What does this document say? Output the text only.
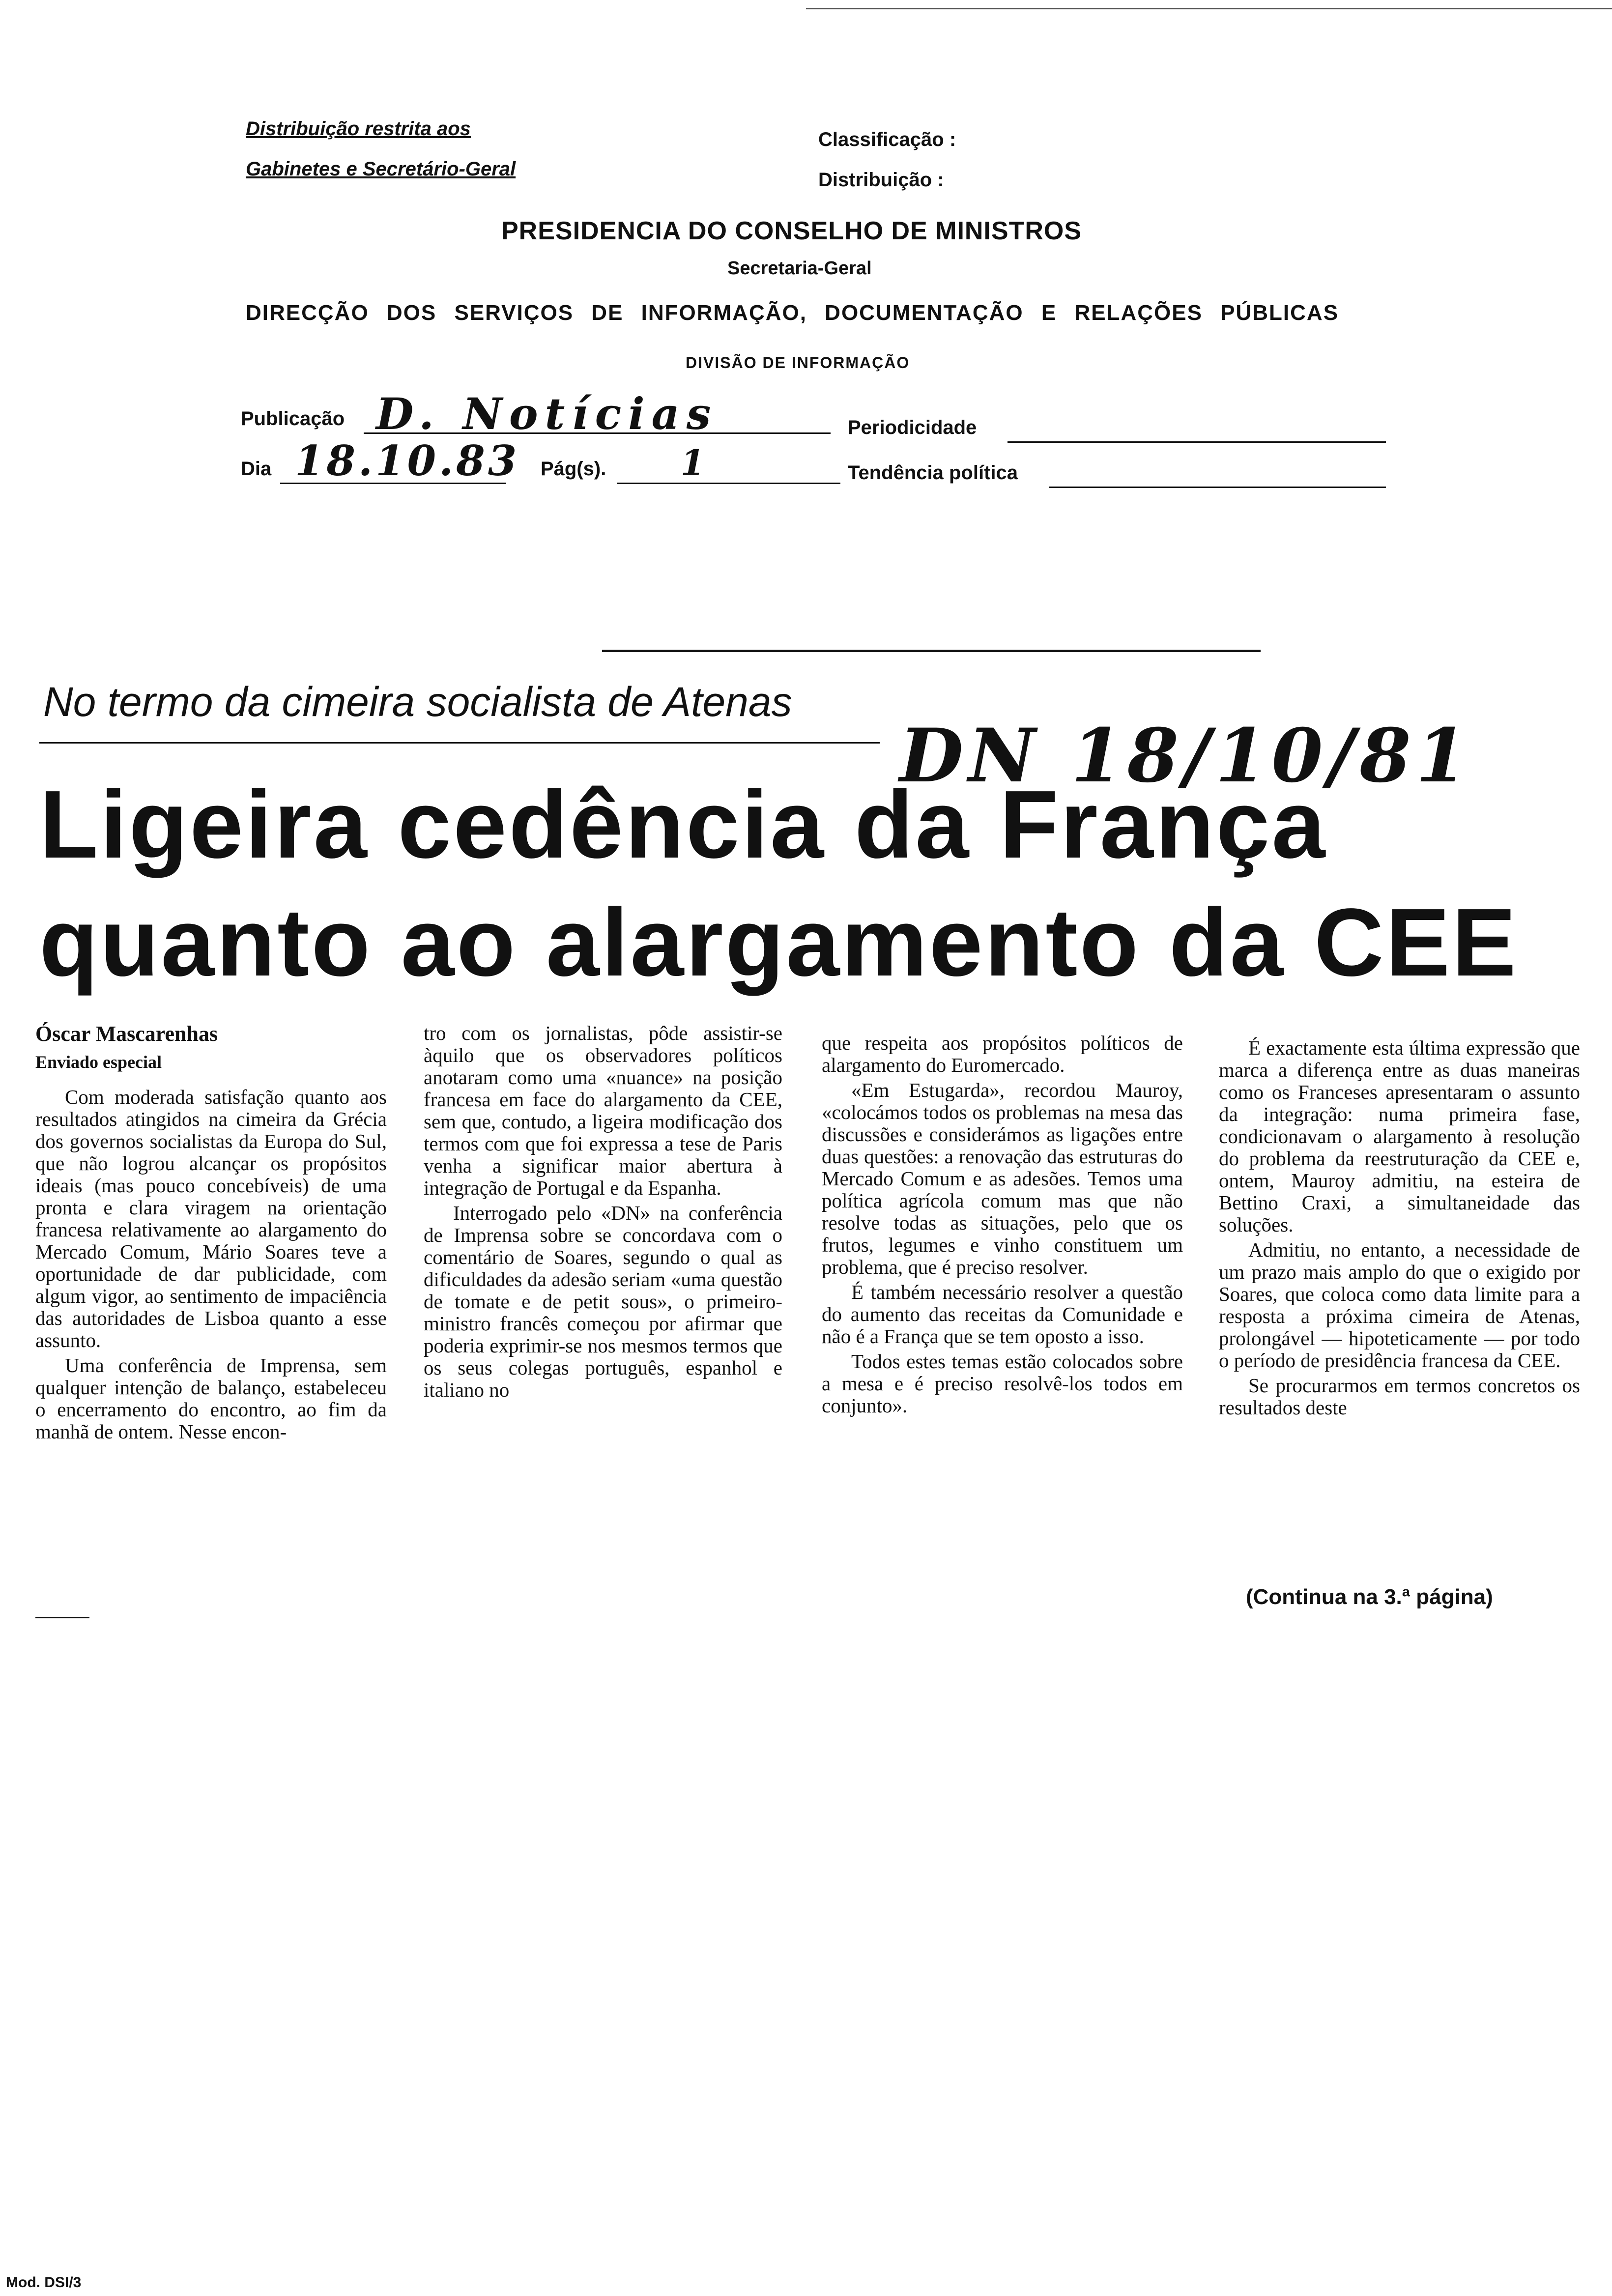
Distribuição restrita aos
Gabinetes e Secretário-Geral
Classificação :
Distribuição :
PRESIDENCIA DO CONSELHO DE MINISTROS
Secretaria-Geral
DIRECÇÃO DOS SERVIÇOS DE INFORMAÇÃO, DOCUMENTAÇÃO E RELAÇÕES PÚBLICAS
DIVISÃO DE INFORMAÇÃO
Publicação D. Notícias	Periodicidade
Dia 18.10.83 Pág(s). 1	Tendência política
No termo da cimeira socialista de Atenas
DN 18/10/81
Ligeira cedência da França
quanto ao alargamento da CEE
Óscar Mascarenhas
Enviado especial

Com moderada satisfação quanto aos resultados atingidos na cimeira da Grécia dos governos socialistas da Europa do Sul, que não logrou alcançar os propósitos ideais (mas pouco concebíveis) de uma pronta e clara viragem na orientação francesa relativamente ao alargamento do Mercado Comum, Mário Soares teve a oportunidade de dar publicidade, com algum vigor, ao sentimento de impaciência das autoridades de Lisboa quanto a esse assunto.

Uma conferência de Imprensa, sem qualquer intenção de balanço, estabeleceu o encerramento do encontro, ao fim da manhã de ontem. Nesse encon-

tro com os jornalistas, pôde assistir-se àquilo que os observadores políticos anotaram como uma «nuance» na posição francesa em face do alargamento da CEE, sem que, contudo, a ligeira modificação dos termos com que foi expressa a tese de Paris venha a significar maior abertura à integração de Portugal e da Espanha.

Interrogado pelo «DN» na conferência de Imprensa sobre se concordava com o comentário de Soares, segundo o qual as dificuldades da adesão seriam «uma questão de tomate e de petit sous», o primeiro-ministro francês começou por afirmar que poderia exprimir-se nos mesmos termos que os seus colegas português, espanhol e italiano no

que respeita aos propósitos políticos de alargamento do Euromercado.

«Em Estugarda», recordou Mauroy, «colocámos todos os problemas na mesa das discussões e considerámos as ligações entre duas questões: a renovação das estruturas do Mercado Comum e as adesões. Temos uma política agrícola comum mas que não resolve todas as situações, pelo que os frutos, legumes e vinho constituem um problema, que é preciso resolver.

É também necessário resolver a questão do aumento das receitas da Comunidade e não é a França que se tem oposto a isso.

Todos estes temas estão colocados sobre a mesa e é preciso resolvê-los todos em conjunto».

É exactamente esta última expressão que marca a diferença entre as duas maneiras como os Franceses apresentaram o assunto da integração: numa primeira fase, condicionavam o alargamento à resolução do problema da reestruturação da CEE e, ontem, Mauroy admitiu, na esteira de Bettino Craxi, a simultaneidade das soluções.

Admitiu, no entanto, a necessidade de um prazo mais amplo do que o exigido por Soares, que coloca como data limite para a resposta a próxima cimeira de Atenas, prolongável — hipoteticamente — por todo o período de presidência francesa da CEE.

Se procurarmos em termos concretos os resultados deste

(Continua na 3.ª página)
Mod. DSI/3
